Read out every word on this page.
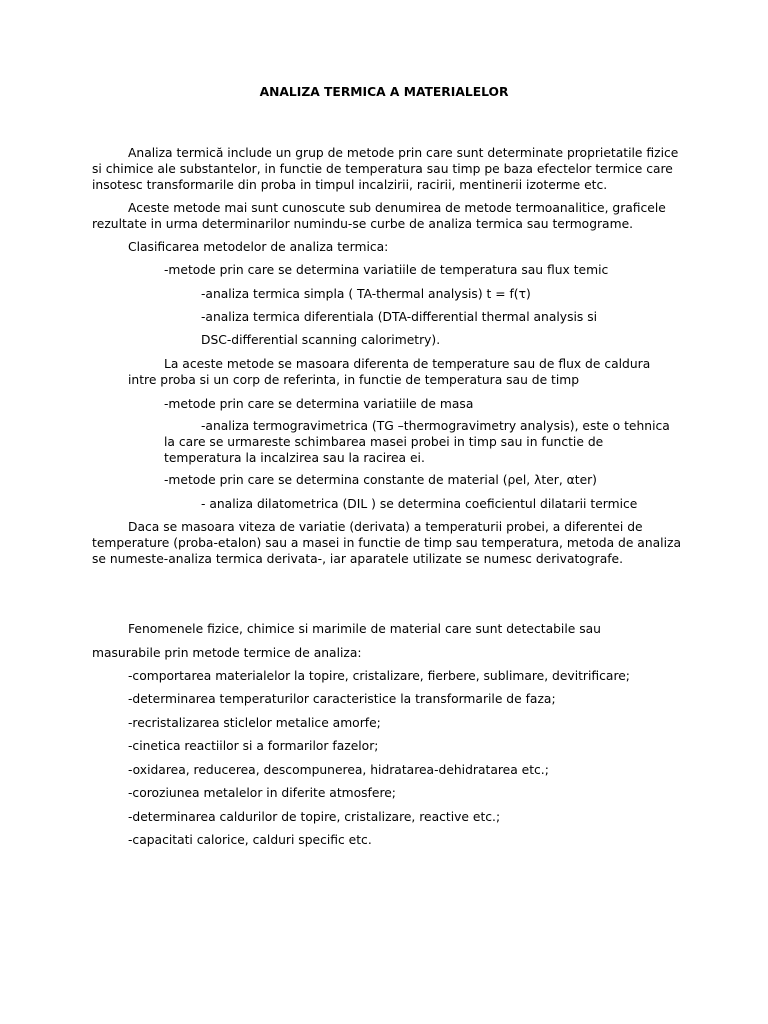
ANALIZA TERMICA A MATERIALELOR
Analiza termică include un grup de metode prin care sunt determinate proprietatile fizice
si chimice ale substantelor, in functie de temperatura sau timp pe baza efectelor termice care
insotesc transformarile din proba in timpul incalzirii, racirii, mentinerii izoterme etc.
Aceste metode mai sunt cunoscute sub denumirea de metode termoanalitice, graficele
rezultate in urma determinarilor numindu-se curbe de analiza termica sau termograme.
Clasificarea metodelor de analiza termica:
-metode prin care se determina variatiile de temperatura sau flux temic
-analiza termica simpla ( TA-thermal analysis) t = f(τ)
-analiza termica diferentiala (DTA-differential thermal analysis si
DSC-differential scanning calorimetry).
La aceste metode se masoara diferenta de temperature sau de flux de caldura
intre proba si un corp de referinta, in functie de temperatura sau de timp
-metode prin care se determina variatiile de masa
-analiza termogravimetrica (TG –thermogravimetry analysis), este o tehnica
la care se urmareste schimbarea masei probei in timp sau in functie de
temperatura la incalzirea sau la racirea ei.
-metode prin care se determina constante de material (ρel, λter, αter)
- analiza dilatometrica (DIL ) se determina coeficientul dilatarii termice
Daca se masoara viteza de variatie (derivata) a temperaturii probei, a diferentei de
temperature (proba-etalon) sau a masei in functie de timp sau temperatura, metoda de analiza
se numeste-analiza termica derivata-, iar aparatele utilizate se numesc derivatografe.
Fenomenele fizice, chimice si marimile de material care sunt detectabile sau
masurabile prin metode termice de analiza:
-comportarea materialelor la topire, cristalizare, fierbere, sublimare, devitrificare;
-determinarea temperaturilor caracteristice la transformarile de faza;
-recristalizarea sticlelor metalice amorfe;
-cinetica reactiilor si a formarilor fazelor;
-oxidarea, reducerea, descompunerea, hidratarea-dehidratarea etc.;
-coroziunea metalelor in diferite atmosfere;
-determinarea caldurilor de topire, cristalizare, reactive etc.;
-capacitati calorice, calduri specific etc.
